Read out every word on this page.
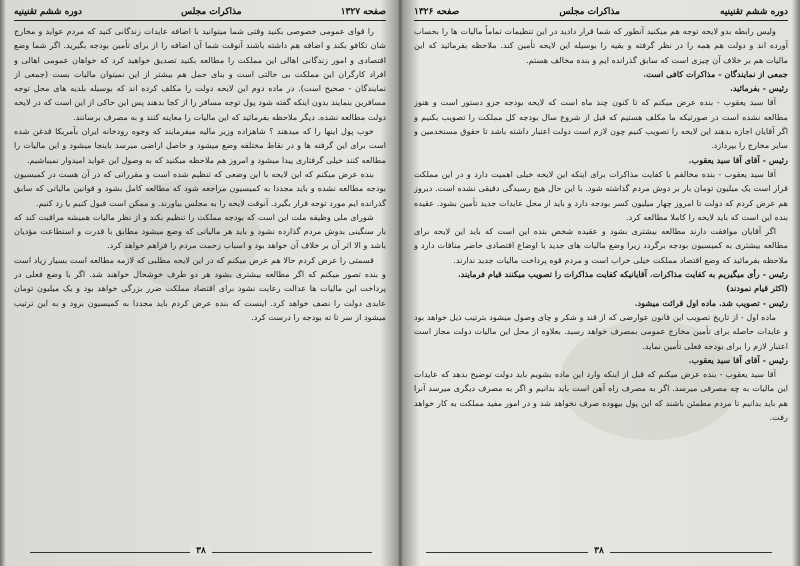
صفحه ۱۳۲۷
مذاکرات مجلس
دوره ششم تقنینیه

را قوای عمومی خصوصی بکنید وقتی شما میتوانید با اضافه عایدات زندگانی کنید که مردم عوايد و مخارج شان تكافو بکند و اضافه هم داشته باشند آنوقت شما آن اضافه را از برای تأمین بودجه بگیرید. اگر شما وضع اقتصادی و امور زندگانی اهالی این مملکت را مطالعه بکنید تصدیق خواهید کرد که خواهان عمومی اهالی و افراد کارگران این مملکت بی حالتی است و بنای حمل هم بیشتر از این نمیتوان مالیات بست (جمعی از نمایندگان - صحیح است). در ماده دوم این لایحه دولت را مکلف کرده اند که بوسیله بلدیه های محل توجه مسافرین بنمایند بدون اینکه گفته شود پول توجه مسافر را از کجا بدهند پس این حاکی از این است که در لایحه دولت مطالعه نشده. دیگر ملاحظه بفرمائید که این مالیات را معاینه کنند و به مصرف برسانند.

خوب پول اینها را که میدهند ؟ شاهزاده وزیر مالیه میفرمایند که وجوه رودخانه ایران بآمریکا قدغن شده است برای این گرفته ها و در نقاط مختلفه وضع میشود و حاصل اراضی میرسد باینجا میشود و این مالیات را مطالعه کنند خیلی گرفتاری پیدا میشود و امروز هم ملاحظه میکنید که به وصول این عواید امیدوار نمیباشیم.

بنده عرض میکنم که این لایحه با این وضعی که تنظیم شده است و مقرراتی که در آن هست در کمیسیون بودجه مطالعه نشده و باید مجددا به کمیسیون مراجعه شود که مطالعه کامل بشود و قوانین مالیاتی که سابق گذرانده ایم مورد توجه قرار بگیرد. آنوقت لایحه را به مجلس بیاورند. و ممکن است قبول کنیم یا رد کنیم.

شورای ملی وظیفه ملت این است که بودجه مملکت را تنظیم بکند و از نظر مالیات همیشه مراقبت کند که بار سنگینی بدوش مردم گذارده نشود و باید هر مالیاتی که وضع میشود مطابق با قدرت و استطاعت مؤدیان باشد و الا اثر آن بر خلاف آن خواهد بود و اسباب زحمت مردم را فراهم خواهد کرد.

قسمتی را عرض کردم حالا هم عرض میکنم که در این لایحه مطلبی که لازمه مطالعه است بسیار زیاد است و بنده تصور میکنم که اگر مطالعه بیشتری بشود هر دو طرف خوشحال خواهند شد. اگر با وضع فعلی در پرداخت این مالیات ها عدالت رعایت نشود برای اقتصاد مملکت ضرر بزرگی خواهد بود و یک میلیون تومان عایدی دولت را نصف خواهد کرد. اینست که بنده عرض کردم باید مجددا به کمیسیون برود و به این ترتیب میشود از سر تا ته بودجه را درست کرد.

۳۸
دوره ششم تقنینیه
مذاکرات مجلس
صفحه ۱۳۲۶

ولیس رابطه بدو لایحه توجه هم میکنید آنطور که شما قرار دادید در این تنظیمات تماماً مالیات ها را بحساب آورده اند و دولت هم همه را در نظر گرفته و بقیه را بوسیله این لایحه تأمین کند. ملاحظه بفرمائید که این مالیات هم بر خلاف آن چیزی است که سابق گذرانده ایم و بنده مخالف هستم.

جمعی از نمایندگان - مذاکرات کافی است.

رئیس - بفرمائید.

آقا سید یعقوب - بنده عرض میکنم که تا کنون چند ماه است که لایحه بودجه جزو دستور است و هنوز مطالعه نشده است در صورتیکه ما مکلف هستیم که قبل از شروع سال بودجه کل مملکت را تصویب بکنیم و اگر آقایان اجازه بدهند این لایحه را تصویب کنیم چون لازم است دولت اعتبار داشته باشد تا حقوق مستخدمین و سایر مخارج را بپردازد.

رئیس - آقای آقا سید یعقوب.

آقا سید یعقوب - بنده مخالفم با کفایت مذاکرات برای اینکه این لایحه خیلی اهمیت دارد و در این مملکت قرار است یک میلیون تومان بار بر دوش مردم گذاشته شود. با این حال هیچ رسیدگی دقیقی نشده است. دیروز هم عرض کردم که دولت تا امروز چهار میلیون کسر بودجه دارد و باید از محل عایدات جدید تأمین بشود. عقیده بنده این است که باید لایحه را کاملا مطالعه کرد.

اگر آقایان موافقت دارند مطالعه بیشتری بشود و عقیده شخص بنده این است که باید این لایحه برای مطالعه بیشتری به کمیسیون بودجه برگردد زیرا وضع مالیات های جدید با اوضاع اقتصادی حاضر منافات دارد و ملاحظه بفرمائید که وضع اقتصاد مملکت خیلی خراب است و مردم قوه پرداخت مالیات جدید ندارند.

رئیس - رأی میگیریم به کفایت مذاکرات. آقایانیکه کفایت مذاکرات را تصویب میکنند قیام فرمایند.

(اکثر قیام نمودند)

رئیس - تصویب شد. ماده اول قرائت میشود.

ماده اول - از تاریخ تصویب این قانون عوارضی که از قند و شکر و چای وصول میشود بترتیب ذیل خواهد بود و عایدات حاصله برای تأمین مخارج عمومی بمصرف خواهد رسید. بعلاوه از محل این مالیات دولت مجاز است اعتبار لازم را برای بودجه فعلی تأمین نماید.

رئیس - آقای آقا سید یعقوب.

آقا سید یعقوب - بنده عرض میکنم که قبل از اینکه وارد این ماده بشویم باید دولت توضیح بدهد که عایدات این مالیات به چه مصرفی میرسد. اگر به مصرف راه آهن است باید بدانیم و اگر به مصرف دیگری میرسد آنرا هم باید بدانیم تا مردم مطمئن باشند که این پول بیهوده صرف نخواهد شد و در امور مفید مملکت به کار خواهد رفت.

۳۸
